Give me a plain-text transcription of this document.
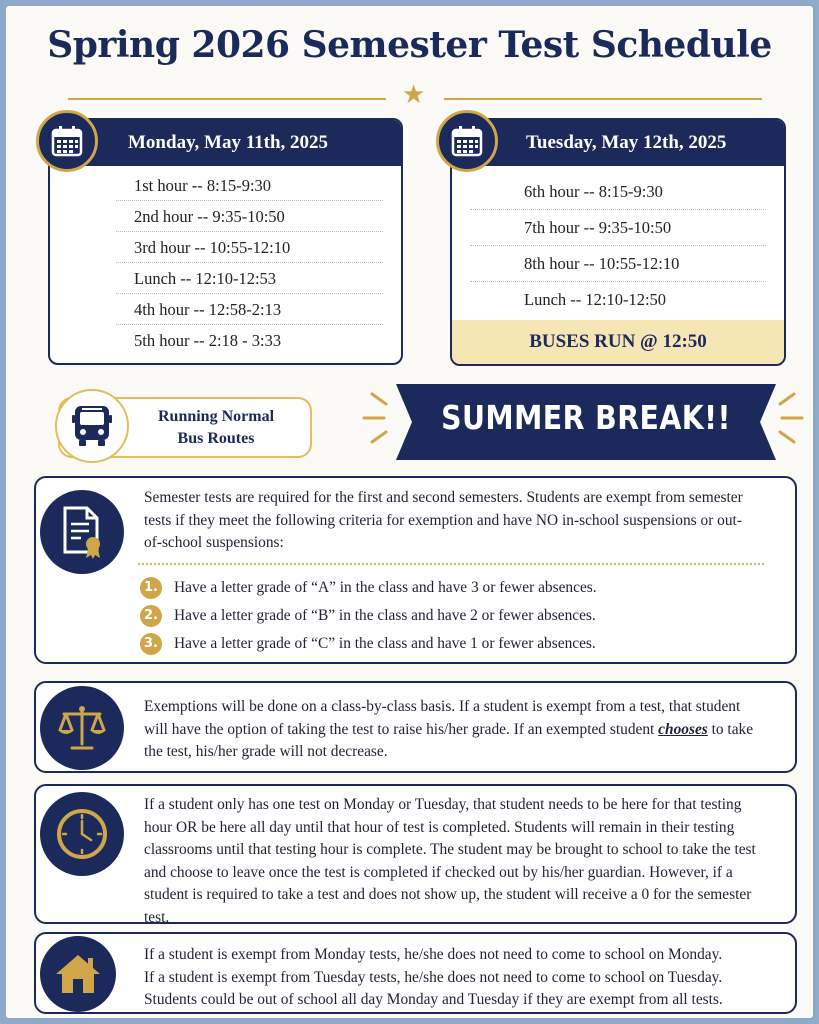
Spring 2026 Semester Test Schedule
★
Monday, May 11th, 2025
1st hour -- 8:15-9:30
2nd hour -- 9:35-10:50
3rd hour -- 10:55-12:10
Lunch -- 12:10-12:53
4th hour -- 12:58-2:13
5th hour -- 2:18 - 3:33
Tuesday, May 12th, 2025
6th hour -- 8:15-9:30
7th hour -- 9:35-10:50
8th hour -- 10:55-12:10
Lunch -- 12:10-12:50
BUSES RUN @ 12:50
Running Normal
Bus Routes
SUMMER BREAK!!
Semester tests are required for the first and second semesters. Students are exempt from semester tests if they meet the following criteria for exemption and have NO in-school suspensions or out-of-school suspensions:
1. Have a letter grade of “A” in the class and have 3 or fewer absences.
2. Have a letter grade of “B” in the class and have 2 or fewer absences.
3. Have a letter grade of “C” in the class and have 1 or fewer absences.
Exemptions will be done on a class-by-class basis. If a student is exempt from a test, that student will have the option of taking the test to raise his/her grade. If an exempted student chooses to take the test, his/her grade will not decrease.
If a student only has one test on Monday or Tuesday, that student needs to be here for that testing hour OR be here all day until that hour of test is completed. Students will remain in their testing classrooms until that testing hour is complete. The student may be brought to school to take the test and choose to leave once the test is completed if checked out by his/her guardian. However, if a student is required to take a test and does not show up, the student will receive a 0 for the semester test.
If a student is exempt from Monday tests, he/she does not need to come to school on Monday.
If a student is exempt from Tuesday tests, he/she does not need to come to school on Tuesday.
Students could be out of school all day Monday and Tuesday if they are exempt from all tests.
